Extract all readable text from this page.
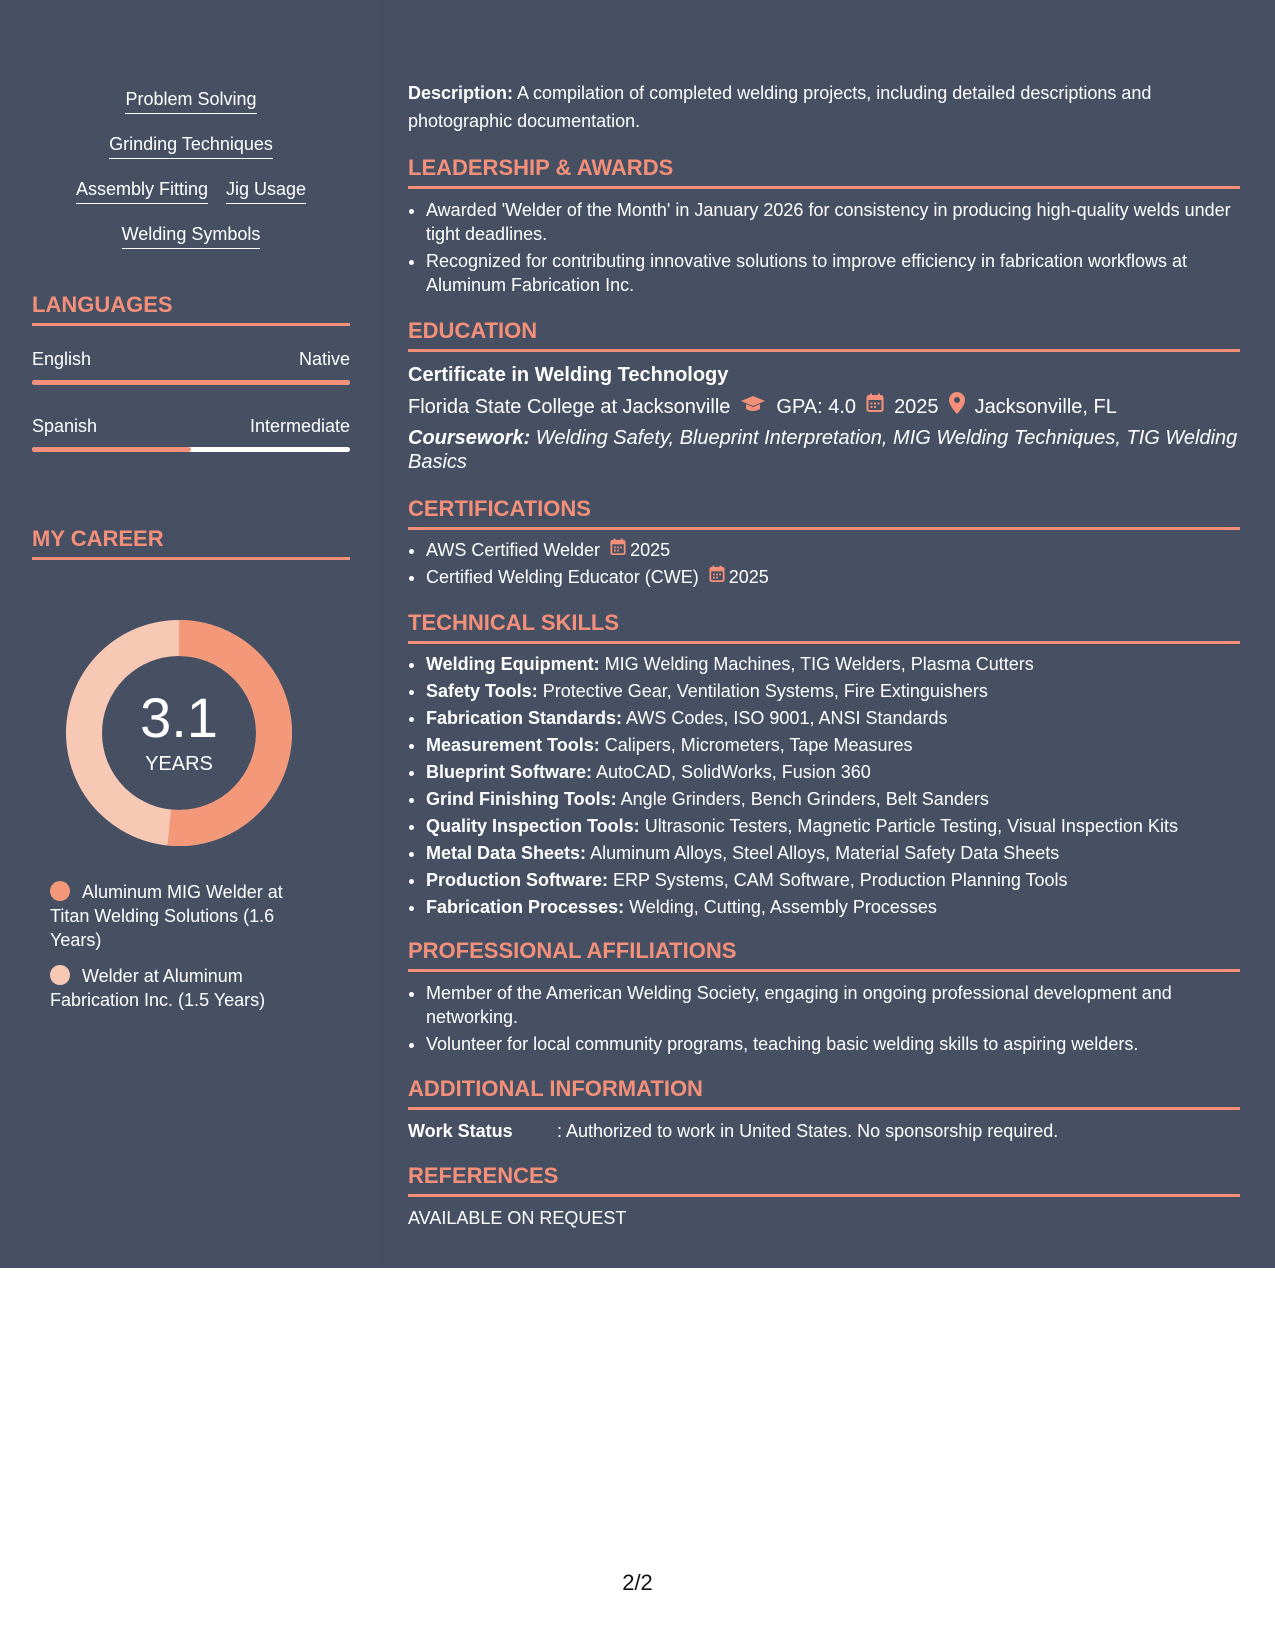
Problem Solving
Grinding Techniques
Assembly Fitting Jig Usage
Welding Symbols
LANGUAGES
English	Native
Spanish	Intermediate
MY CAREER
3.1
YEARS
Aluminum MIG Welder at Titan Welding Solutions (1.6 Years)
Welder at Aluminum Fabrication Inc. (1.5 Years)

Description: A compilation of completed welding projects, including detailed descriptions and photographic documentation.

LEADERSHIP & AWARDS
• Awarded 'Welder of the Month' in January 2026 for consistency in producing high-quality welds under tight deadlines.
• Recognized for contributing innovative solutions to improve efficiency in fabrication workflows at Aluminum Fabrication Inc.
EDUCATION
Certificate in Welding Technology
Florida State College at Jacksonville GPA: 4.0 2025 Jacksonville, FL
Coursework: Welding Safety, Blueprint Interpretation, MIG Welding Techniques, TIG Welding Basics
CERTIFICATIONS
• AWS Certified Welder 2025
• Certified Welding Educator (CWE) 2025
TECHNICAL SKILLS
• Welding Equipment: MIG Welding Machines, TIG Welders, Plasma Cutters
• Safety Tools: Protective Gear, Ventilation Systems, Fire Extinguishers
• Fabrication Standards: AWS Codes, ISO 9001, ANSI Standards
• Measurement Tools: Calipers, Micrometers, Tape Measures
• Blueprint Software: AutoCAD, SolidWorks, Fusion 360
• Grind Finishing Tools: Angle Grinders, Bench Grinders, Belt Sanders
• Quality Inspection Tools: Ultrasonic Testers, Magnetic Particle Testing, Visual Inspection Kits
• Metal Data Sheets: Aluminum Alloys, Steel Alloys, Material Safety Data Sheets
• Production Software: ERP Systems, CAM Software, Production Planning Tools
• Fabrication Processes: Welding, Cutting, Assembly Processes
PROFESSIONAL AFFILIATIONS
• Member of the American Welding Society, engaging in ongoing professional development and networking.
• Volunteer for local community programs, teaching basic welding skills to aspiring welders.
ADDITIONAL INFORMATION
Work Status	: Authorized to work in United States. No sponsorship required.
REFERENCES
AVAILABLE ON REQUEST
2/2
